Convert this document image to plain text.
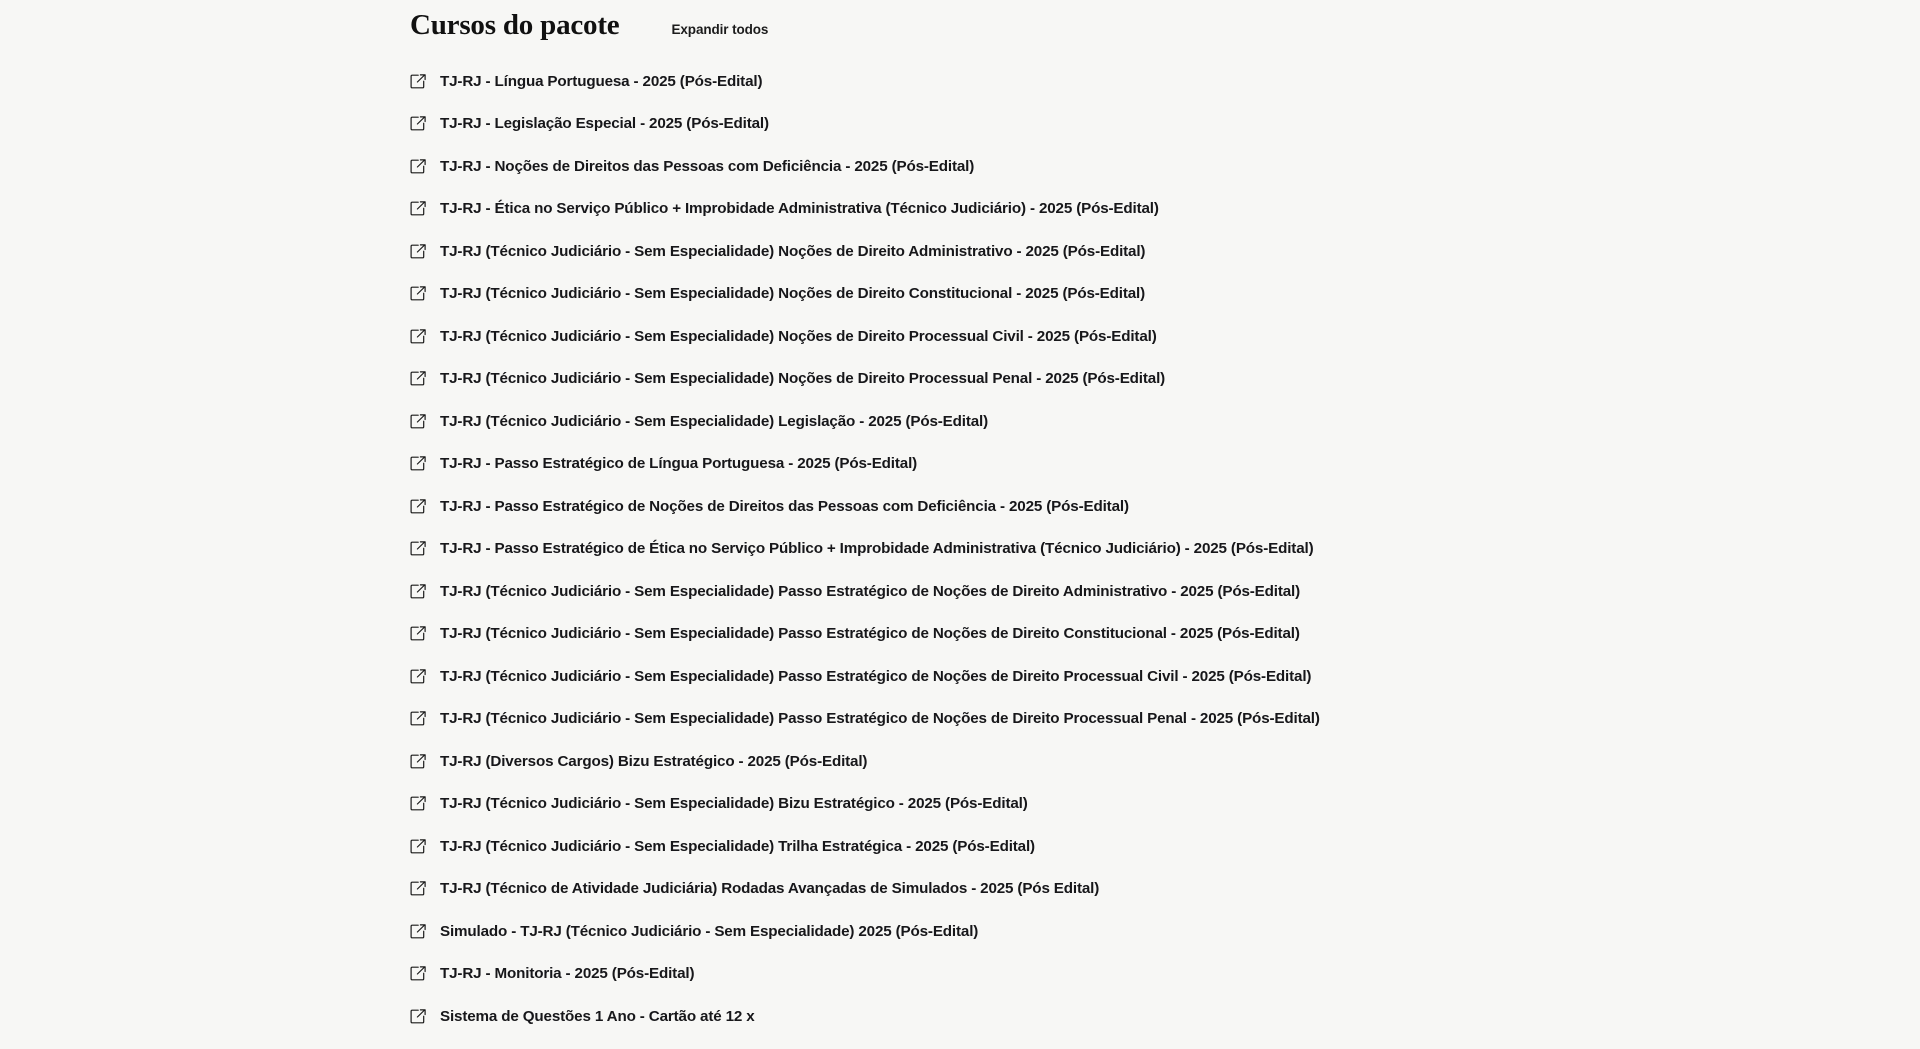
Cursos do pacote	Expandir todos
TJ-RJ - Língua Portuguesa - 2025 (Pós-Edital)
TJ-RJ - Legislação Especial - 2025 (Pós-Edital)
TJ-RJ - Noções de Direitos das Pessoas com Deficiência - 2025 (Pós-Edital)
TJ-RJ - Ética no Serviço Público + Improbidade Administrativa (Técnico Judiciário) - 2025 (Pós-Edital)
TJ-RJ (Técnico Judiciário - Sem Especialidade) Noções de Direito Administrativo - 2025 (Pós-Edital)
TJ-RJ (Técnico Judiciário - Sem Especialidade) Noções de Direito Constitucional - 2025 (Pós-Edital)
TJ-RJ (Técnico Judiciário - Sem Especialidade) Noções de Direito Processual Civil - 2025 (Pós-Edital)
TJ-RJ (Técnico Judiciário - Sem Especialidade) Noções de Direito Processual Penal - 2025 (Pós-Edital)
TJ-RJ (Técnico Judiciário - Sem Especialidade) Legislação - 2025 (Pós-Edital)
TJ-RJ - Passo Estratégico de Língua Portuguesa - 2025 (Pós-Edital)
TJ-RJ - Passo Estratégico de Noções de Direitos das Pessoas com Deficiência - 2025 (Pós-Edital)
TJ-RJ - Passo Estratégico de Ética no Serviço Público + Improbidade Administrativa (Técnico Judiciário) - 2025 (Pós-Edital)
TJ-RJ (Técnico Judiciário - Sem Especialidade) Passo Estratégico de Noções de Direito Administrativo - 2025 (Pós-Edital)
TJ-RJ (Técnico Judiciário - Sem Especialidade) Passo Estratégico de Noções de Direito Constitucional - 2025 (Pós-Edital)
TJ-RJ (Técnico Judiciário - Sem Especialidade) Passo Estratégico de Noções de Direito Processual Civil - 2025 (Pós-Edital)
TJ-RJ (Técnico Judiciário - Sem Especialidade) Passo Estratégico de Noções de Direito Processual Penal - 2025 (Pós-Edital)
TJ-RJ (Diversos Cargos) Bizu Estratégico - 2025 (Pós-Edital)
TJ-RJ (Técnico Judiciário - Sem Especialidade) Bizu Estratégico - 2025 (Pós-Edital)
TJ-RJ (Técnico Judiciário - Sem Especialidade) Trilha Estratégica - 2025 (Pós-Edital)
TJ-RJ (Técnico de Atividade Judiciária) Rodadas Avançadas de Simulados - 2025 (Pós Edital)
Simulado - TJ-RJ (Técnico Judiciário - Sem Especialidade) 2025 (Pós-Edital)
TJ-RJ - Monitoria - 2025 (Pós-Edital)
Sistema de Questões 1 Ano - Cartão até 12 x
